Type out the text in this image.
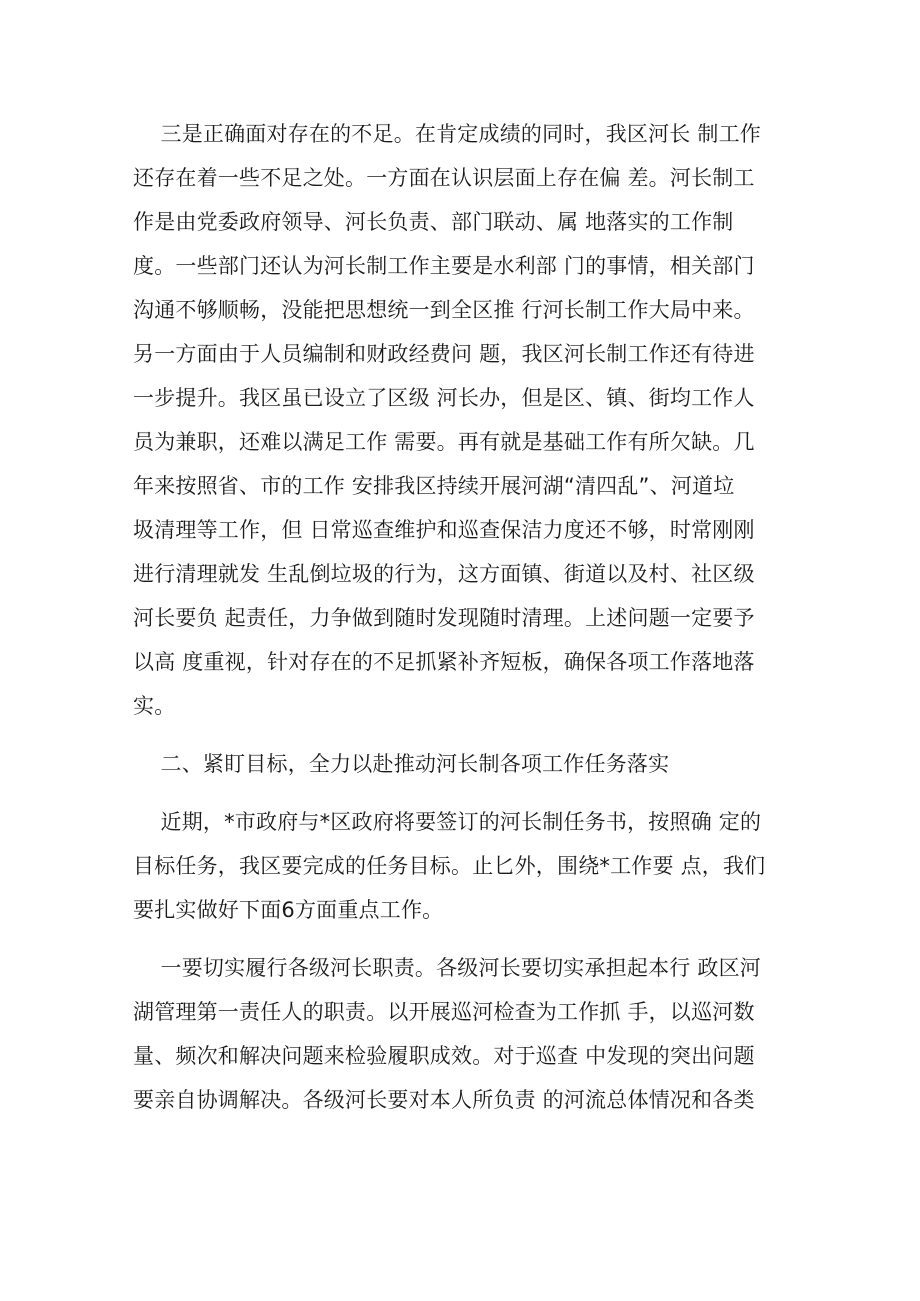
三是正确面对存在的不足。在肯定成绩的同时，我区河长 制工作
还存在着一些不足之处。一方面在认识层面上存在偏 差。河长制工
作是由党委政府领导、河长负责、部门联动、属 地落实的工作制
度。一些部门还认为河长制工作主要是水利部 门的事情，相关部门
沟通不够顺畅，没能把思想统一到全区推 行河长制工作大局中来。
另一方面由于人员编制和财政经费问 题，我区河长制工作还有待进
一步提升。我区虽已设立了区级 河长办，但是区、镇、街均工作人
员为兼职，还难以满足工作 需要。再有就是基础工作有所欠缺。几
年来按照省、市的工作 安排我区持续开展河湖“清四乱”、河道垃
圾清理等工作，但 日常巡查维护和巡查保洁力度还不够，时常刚刚
进行清理就发 生乱倒垃圾的行为，这方面镇、街道以及村、社区级
河长要负 起责任，力争做到随时发现随时清理。上述问题一定要予
以高 度重视，针对存在的不足抓紧补齐短板，确保各项工作落地落
实。
二、紧盯目标，全力以赴推动河长制各项工作任务落实
近期，*市政府与*区政府将要签订的河长制任务书，按照确 定的
目标任务，我区要完成的任务目标。止匕外，围绕*工作要 点，我们
要扎实做好下面6方面重点工作。
一要切实履行各级河长职责。各级河长要切实承担起本行 政区河
湖管理第一责任人的职责。以开展巡河检查为工作抓 手，以巡河数
量、频次和解决问题来检验履职成效。对于巡查 中发现的突出问题
要亲自协调解决。各级河长要对本人所负责 的河流总体情况和各类
